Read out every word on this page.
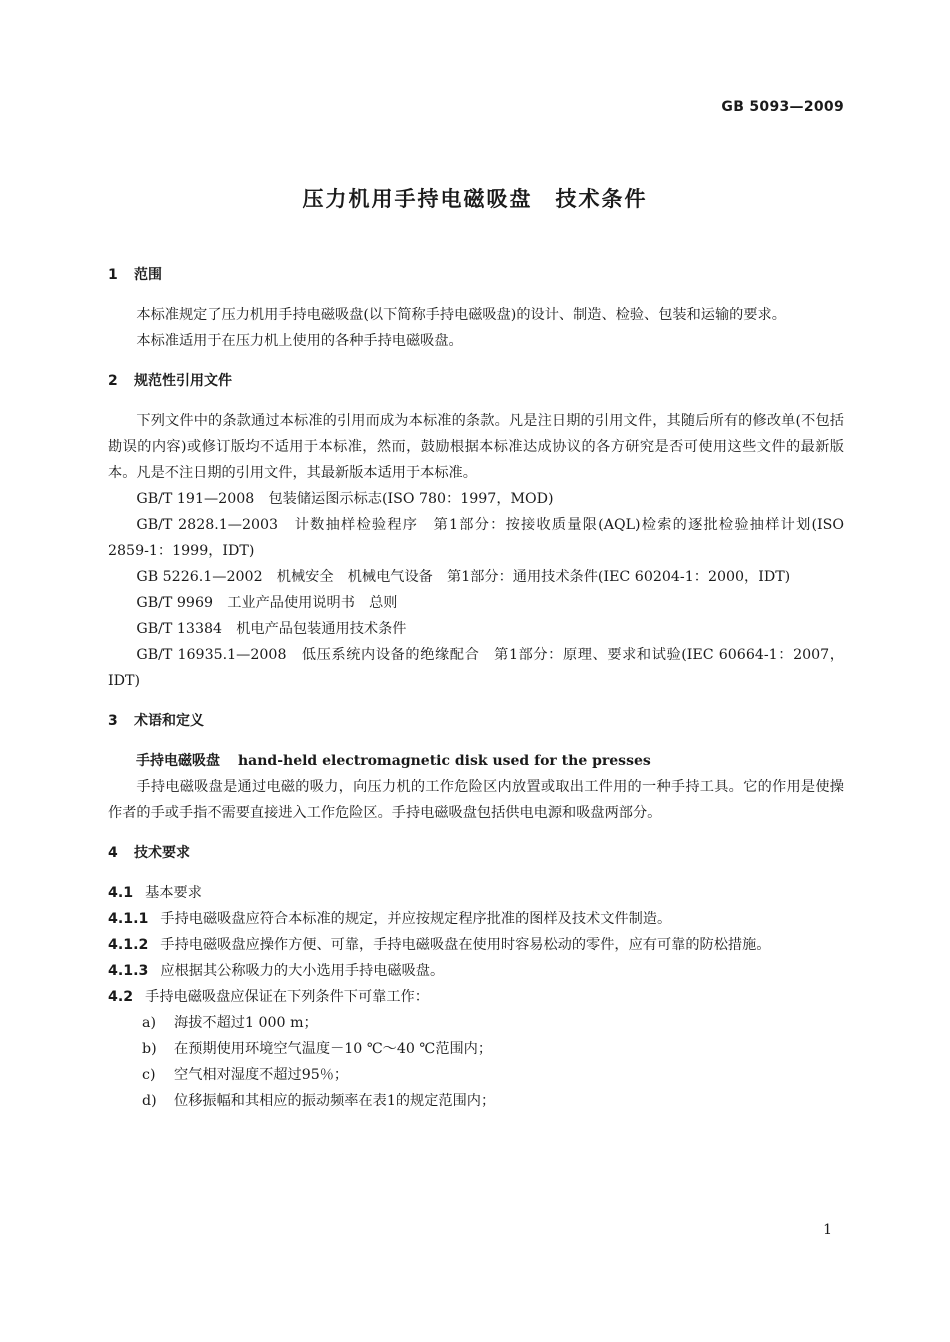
GB 5093—2009
压力机用手持电磁吸盘　技术条件
1 范围

本标准规定了压力机用手持电磁吸盘(以下简称手持电磁吸盘)的设计、制造、检验、包装和运输的要求。

本标准适用于在压力机上使用的各种手持电磁吸盘。

2 规范性引用文件

下列文件中的条款通过本标准的引用而成为本标准的条款。凡是注日期的引用文件，其随后所有的修改单(不包括勘误的内容)或修订版均不适用于本标准，然而，鼓励根据本标准达成协议的各方研究是否可使用这些文件的最新版本。凡是不注日期的引用文件，其最新版本适用于本标准。

GB/T 191—2008　包装储运图示标志(ISO 780：1997，MOD)

GB/T 2828.1—2003　计数抽样检验程序　第1部分：按接收质量限(AQL)检索的逐批检验抽样计划(ISO 2859-1：1999，IDT)

GB 5226.1—2002　机械安全　机械电气设备　第1部分：通用技术条件(IEC 60204-1：2000，IDT)

GB/T 9969　工业产品使用说明书　总则

GB/T 13384　机电产品包装通用技术条件

GB/T 16935.1—2008　低压系统内设备的绝缘配合　第1部分：原理、要求和试验(IEC 60664-1：2007，IDT)

3 术语和定义
手持电磁吸盘 hand-held electromagnetic disk used for the presses

手持电磁吸盘是通过电磁的吸力，向压力机的工作危险区内放置或取出工件用的一种手持工具。它的作用是使操作者的手或手指不需要直接进入工作危险区。手持电磁吸盘包括供电电源和吸盘两部分。

4 技术要求

4.1 基本要求

4.1.1 手持电磁吸盘应符合本标准的规定，并应按规定程序批准的图样及技术文件制造。

4.1.2 手持电磁吸盘应操作方便、可靠，手持电磁吸盘在使用时容易松动的零件，应有可靠的防松措施。

4.1.3 应根据其公称吸力的大小选用手持电磁吸盘。

4.2 手持电磁吸盘应保证在下列条件下可靠工作：

a) 海拔不超过1 000 m；

b) 在预期使用环境空气温度－10 ℃～40 ℃范围内；

c) 空气相对湿度不超过95％；

d) 位移振幅和其相应的振动频率在表1的规定范围内；

1
